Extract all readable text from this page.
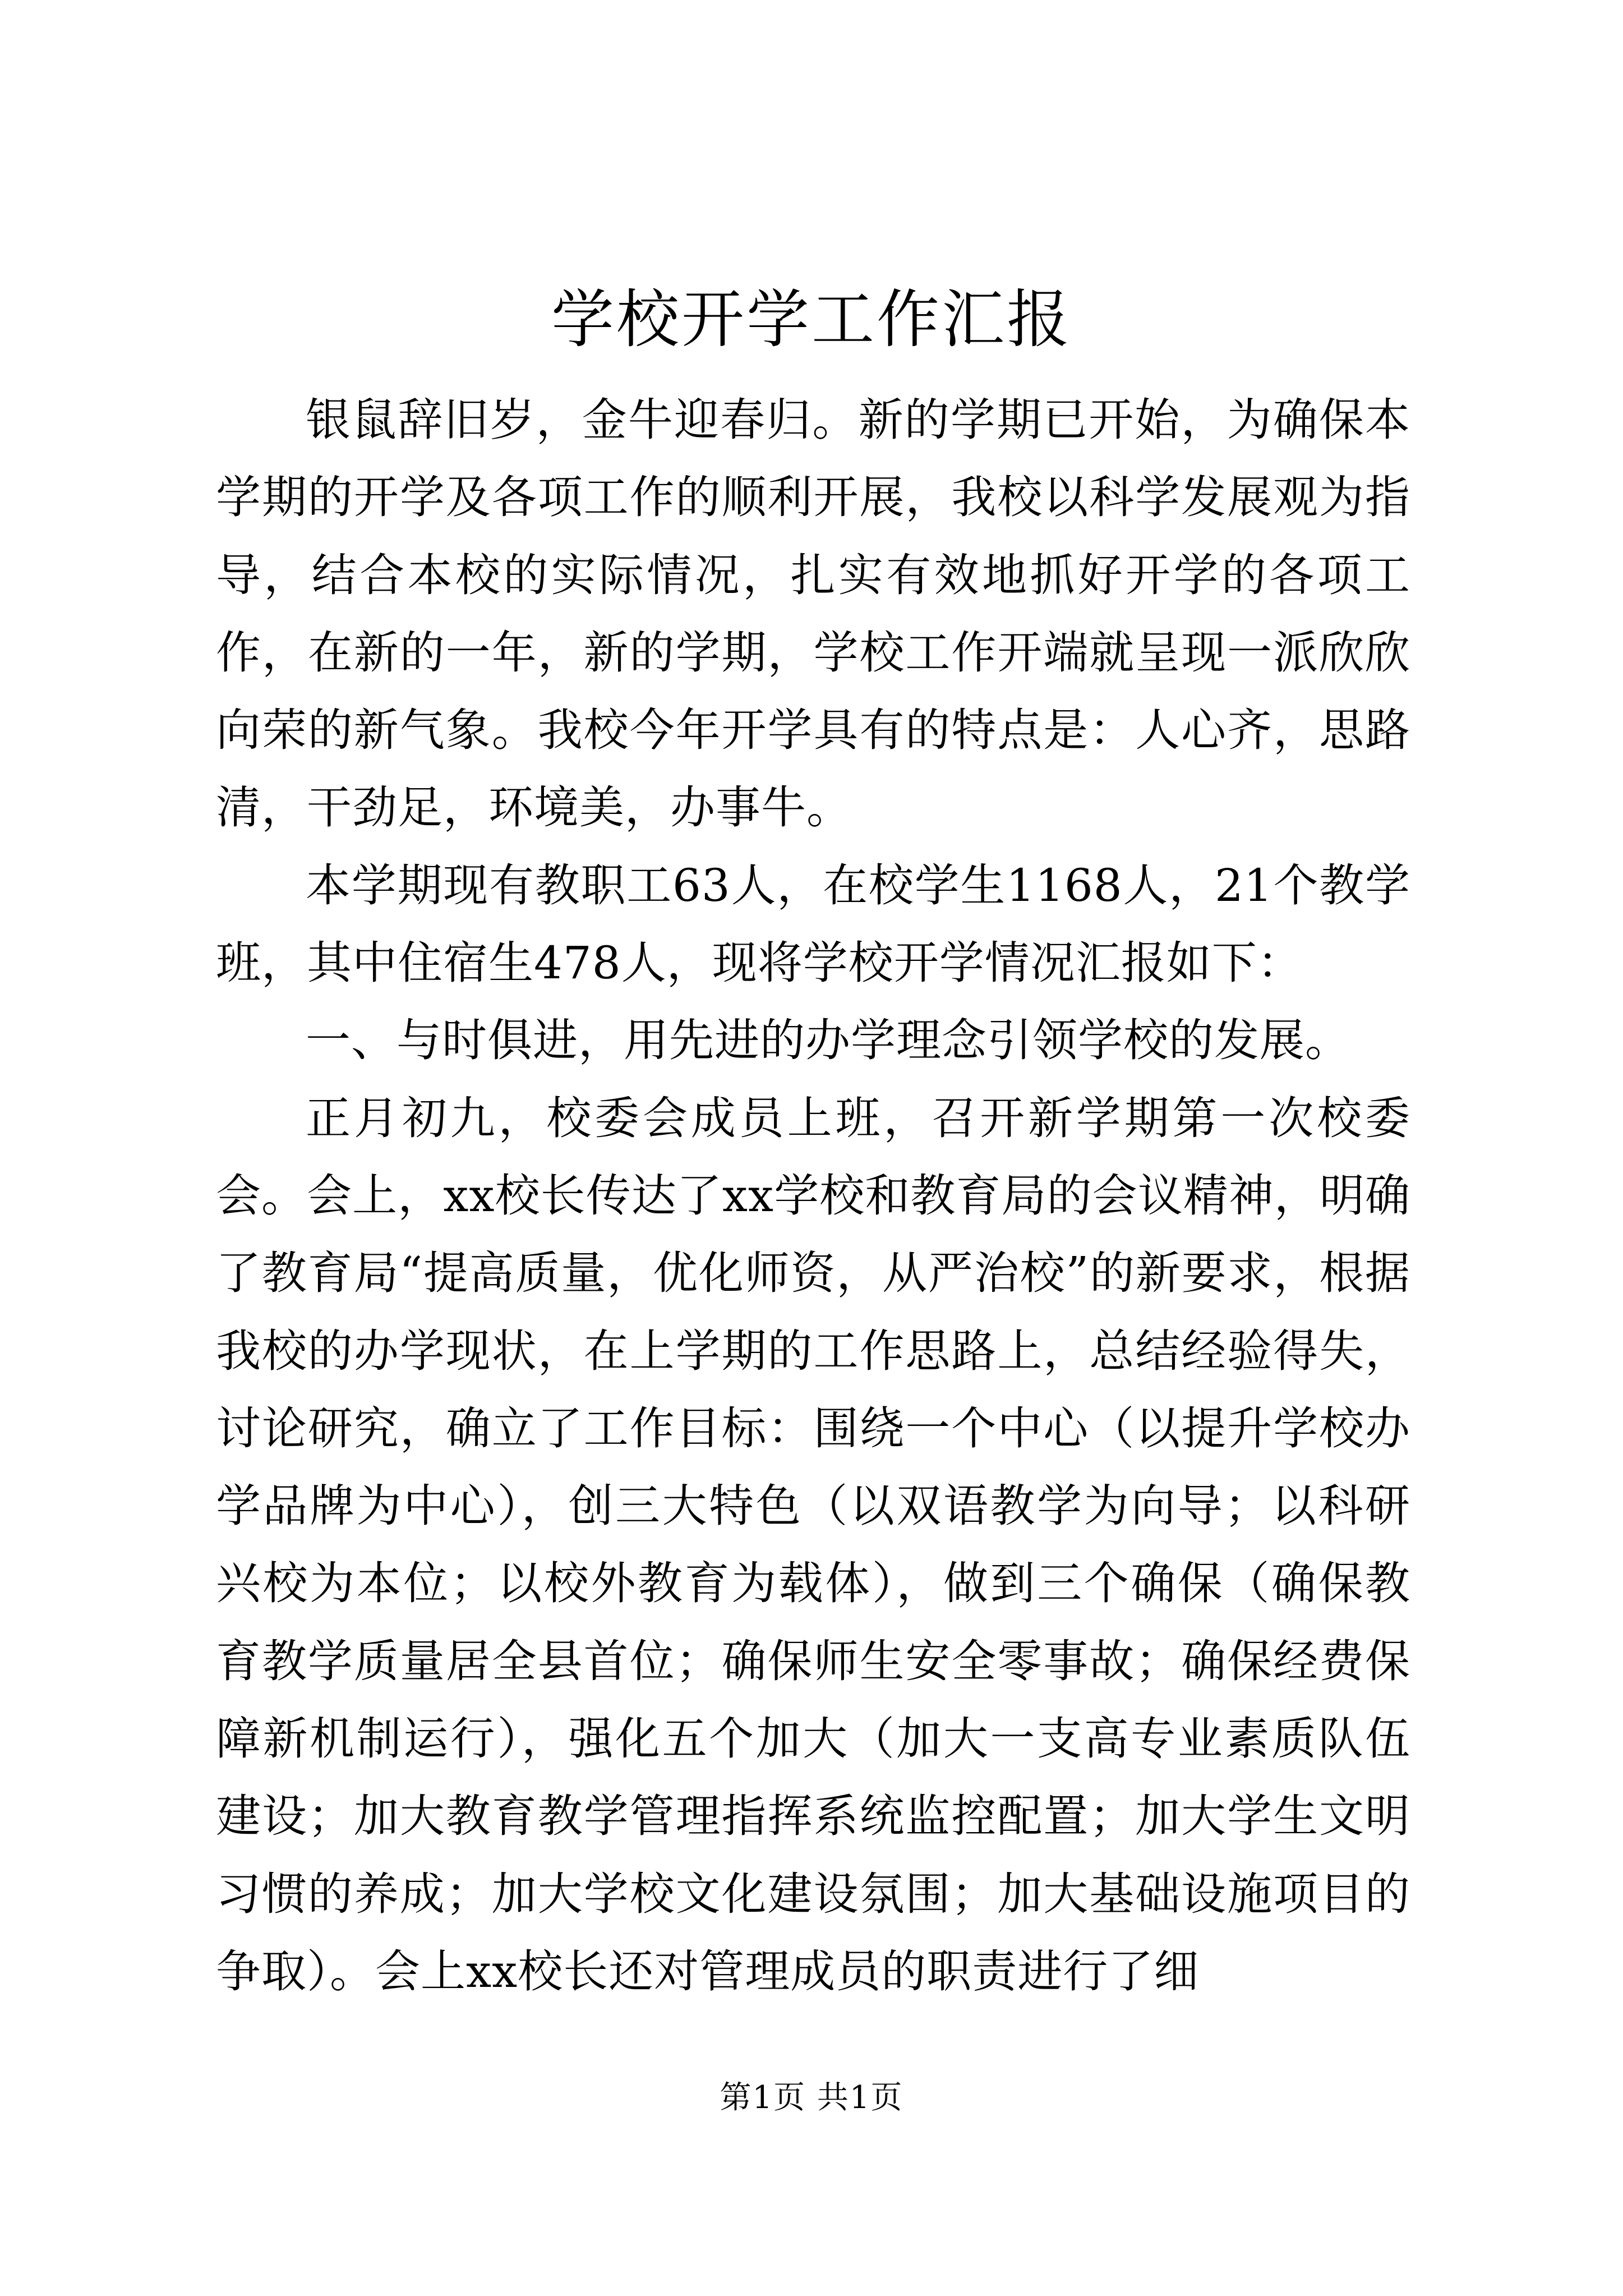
学校开学工作汇报

银鼠辞旧岁，金牛迎春归。新的学期已开始，为确保本学期的开学及各项工作的顺利开展，我校以科学发展观为指导，结合本校的实际情况，扎实有效地抓好开学的各项工作，在新的一年，新的学期，学校工作开端就呈现一派欣欣向荣的新气象。我校今年开学具有的特点是：人心齐，思路清，干劲足，环境美，办事牛。

本学期现有教职工63人，在校学生1168人，21个教学班，其中住宿生478人，现将学校开学情况汇报如下：

一、与时俱进，用先进的办学理念引领学校的发展。

正月初九，校委会成员上班，召开新学期第一次校委会。会上，xx校长传达了xx学校和教育局的会议精神，明确了教育局“提高质量，优化师资，从严治校”的新要求，根据我校的办学现状，在上学期的工作思路上，总结经验得失，讨论研究，确立了工作目标：围绕一个中心（以提升学校办学品牌为中心），创三大特色（以双语教学为向导；以科研兴校为本位；以校外教育为载体），做到三个确保（确保教育教学质量居全县首位；确保师生安全零事故；确保经费保障新机制运行），强化五个加大（加大一支高专业素质队伍建设；加大教育教学管理指挥系统监控配置；加大学生文明习惯的养成；加大学校文化建设氛围；加大基础设施项目的争取）。会上xx校长还对管理成员的职责进行了细

第1页 共1页
